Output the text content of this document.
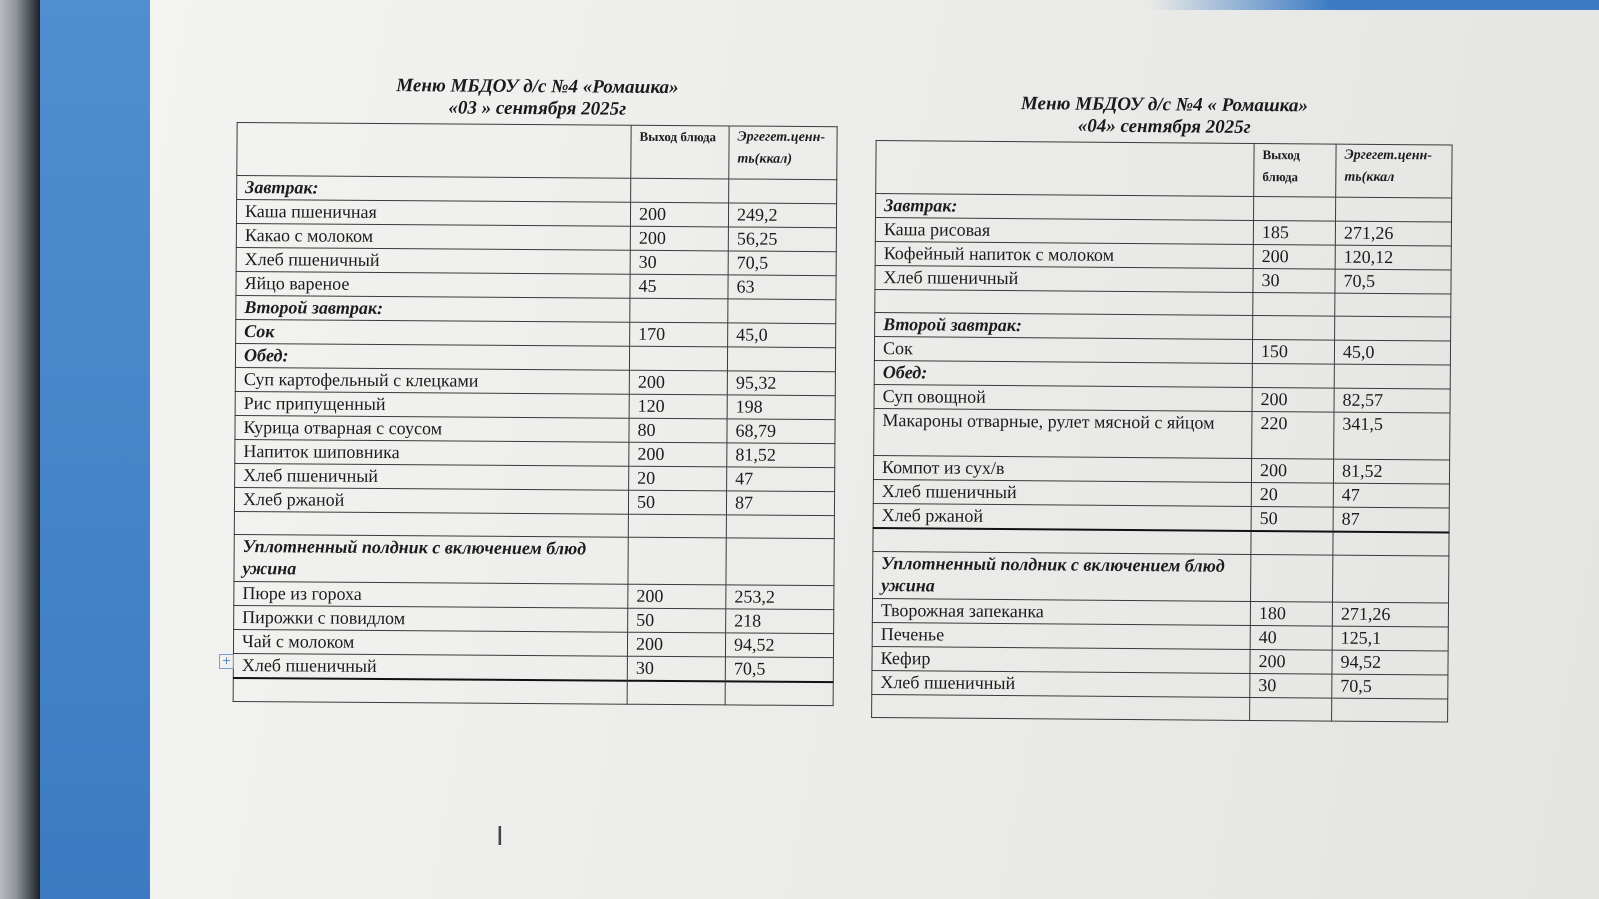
Меню МБДОУ д/с №4 «Ромашка»
«03 » сентября 2025г
	Выход блюда	Эргeгет.ценн-ть(ккал)
Завтрак:		
Каша пшеничная	200	249,2
Какао с молоком	200	56,25
Хлеб пшеничный	30	70,5
Яйцо вареное	45	63
Второй завтрак:		
Сок	170	45,0
Обед:		
Суп картофельный с клецками	200	95,32
Рис припущенный	120	198
Курица отварная с соусом	80	68,79
Напиток шиповника	200	81,52
Хлеб пшеничный	20	47
Хлеб ржаной	50	87

Уплотненный полдник с включением блюд ужина		
Пюре из гороха	200	253,2
Пирожки с повидлом	50	218
Чай с молоком	200	94,52
Хлеб пшеничный	30	70,5

Меню МБДОУ д/с №4 « Ромашка»
«04» сентября 2025г
	Выход блюда	Эргeгет.ценн-ть(ккал
Завтрак:		
Каша рисовая	185	271,26
Кофейный напиток с молоком	200	120,12
Хлеб пшеничный	30	70,5

Второй завтрак:		
Сок	150	45,0
Обед:		
Суп овощной	200	82,57
Макароны отварные, рулет мясной с яйцом	220	341,5
Компот из сух/в	200	81,52
Хлеб пшеничный	20	47
Хлеб ржаной	50	87

Уплотненный полдник с включением блюд ужина		
Творожная запеканка	180	271,26
Печенье	40	125,1
Кефир	200	94,52
Хлеб пшеничный	30	70,5

+
I
